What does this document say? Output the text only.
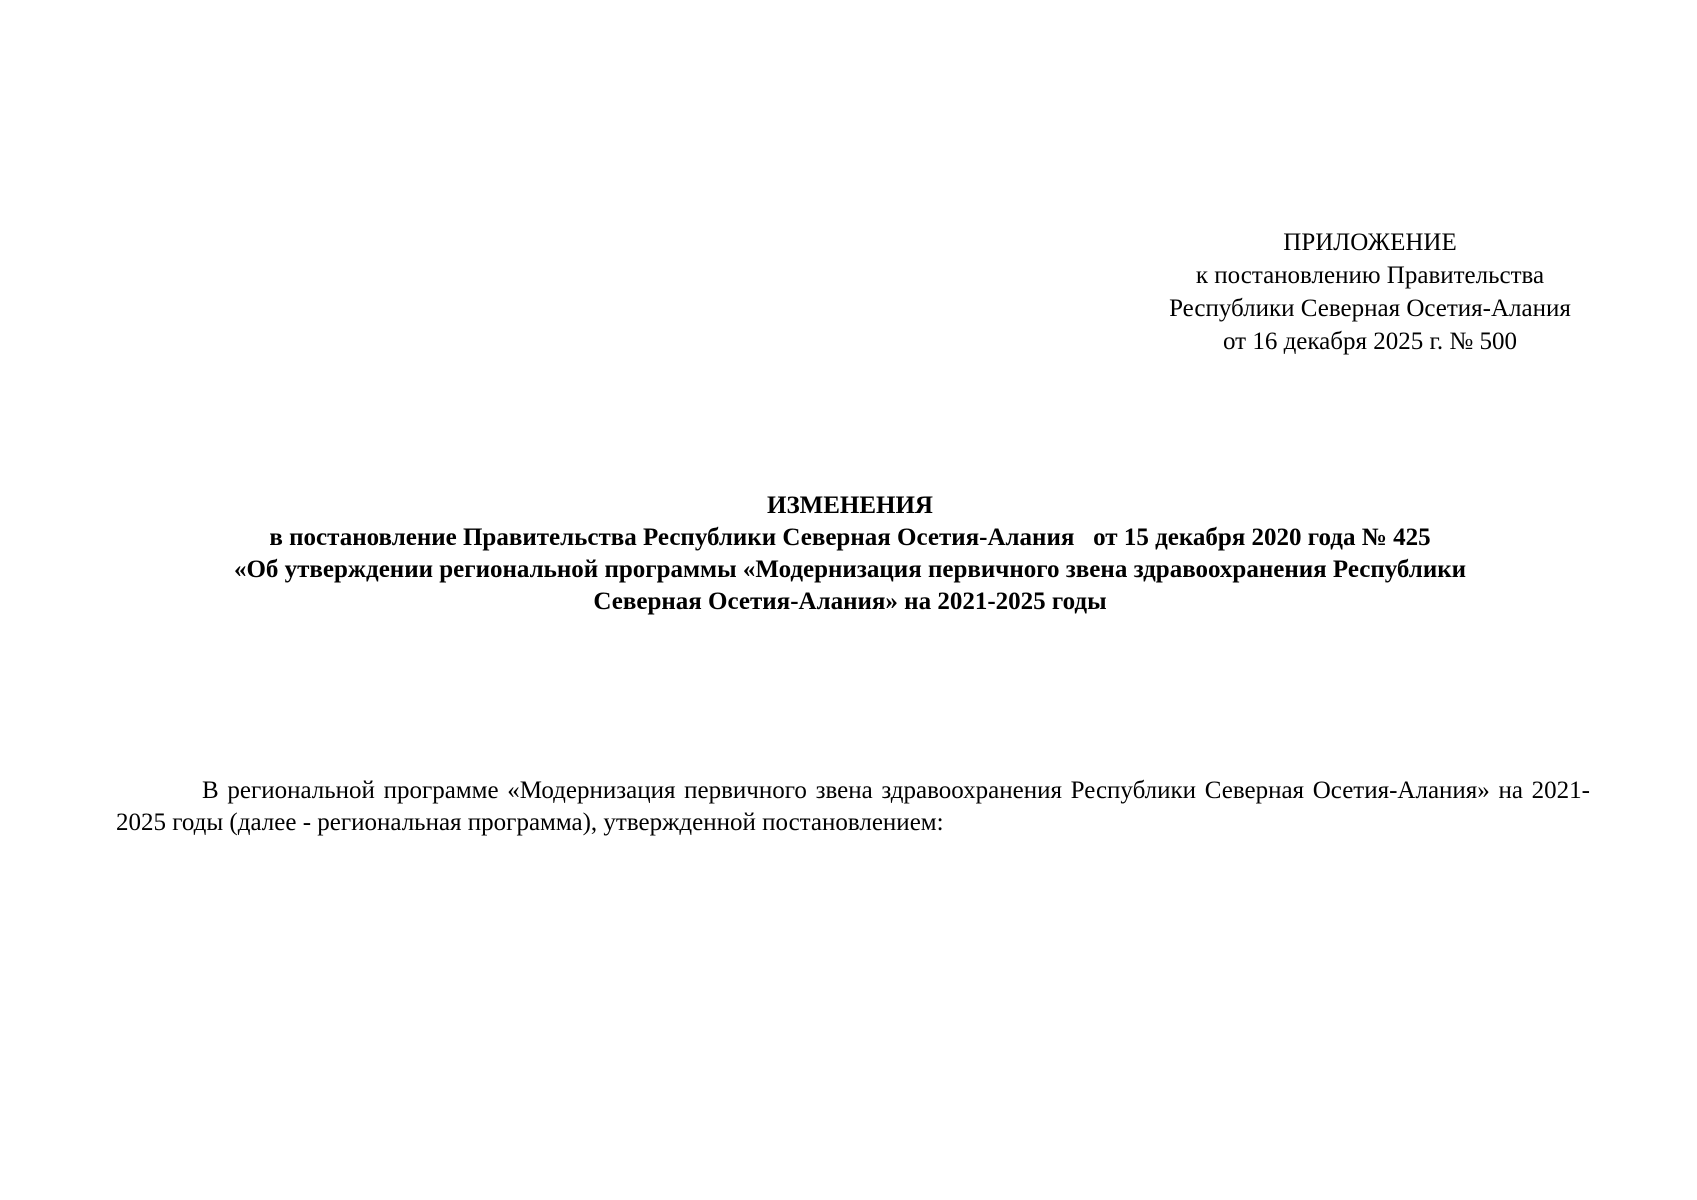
ПРИЛОЖЕНИЕ
к постановлению Правительства
Республики Северная Осетия-Алания
от 16 декабря 2025 г. № 500
ИЗМЕНЕНИЯ
в постановление Правительства Республики Северная Осетия-Алания   от 15 декабря 2020 года № 425
«Об утверждении региональной программы «Модернизация первичного звена здравоохранения Республики
Северная Осетия-Алания» на 2021-2025 годы

В региональной программе «Модернизация первичного звена здравоохранения Республики Северная Осетия-Алания» на 2021-2025 годы (далее - региональная программа), утвержденной постановлением:
